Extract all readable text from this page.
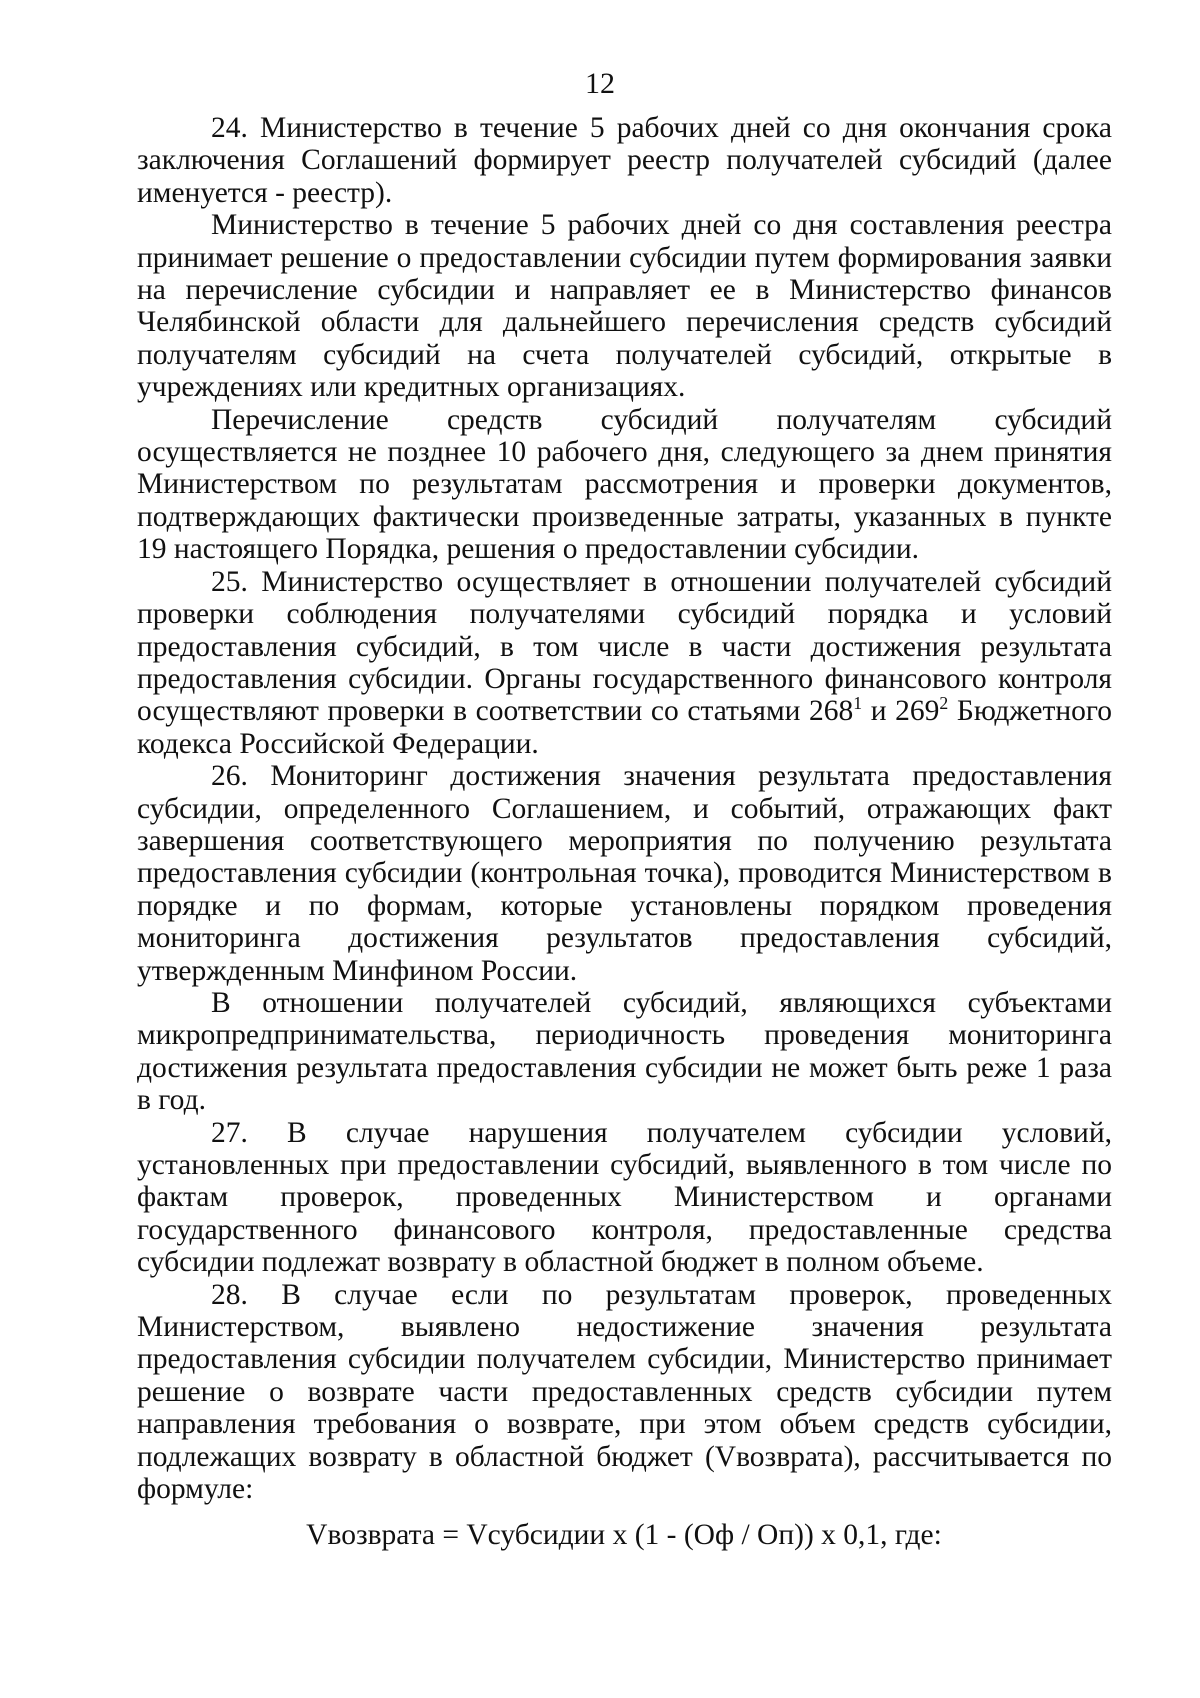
12

24. Министерство в течение 5 рабочих дней со дня окончания срока заключения Соглашений формирует реестр получателей субсидий (далее именуется - реестр).

Министерство в течение 5 рабочих дней со дня составления реестра принимает решение о предоставлении субсидии путем формирования заявки на перечисление субсидии и направляет ее в Министерство финансов Челябинской области для дальнейшего перечисления средств субсидий получателям субсидий на счета получателей субсидий, открытые в учреждениях или кредитных организациях.

Перечисление средств субсидий получателям субсидий осуществляется не позднее 10 рабочего дня, следующего за днем принятия Министерством по результатам рассмотрения и проверки документов, подтверждающих фактически произведенные затраты, указанных в пункте 19 настоящего Порядка, решения о предоставлении субсидии.

25. Министерство осуществляет в отношении получателей субсидий проверки соблюдения получателями субсидий порядка и условий предоставления субсидий, в том числе в части достижения результата предоставления субсидии. Органы государственного финансового контроля осуществляют проверки в соответствии со статьями $268^1$ и $269^2$ Бюджетного кодекса Российской Федерации.

26. Мониторинг достижения значения результата предоставления субсидии, определенного Соглашением, и событий, отражающих факт завершения соответствующего мероприятия по получению результата предоставления субсидии (контрольная точка), проводится Министерством в порядке и по формам, которые установлены порядком проведения мониторинга достижения результатов предоставления субсидий, утвержденным Минфином России.

В отношении получателей субсидий, являющихся субъектами микропредпринимательства, периодичность проведения мониторинга достижения результата предоставления субсидии не может быть реже 1 раза в год.

27. В случае нарушения получателем субсидии условий, установленных при предоставлении субсидий, выявленного в том числе по фактам проверок, проведенных Министерством и органами государственного финансового контроля, предоставленные средства субсидии подлежат возврату в областной бюджет в полном объеме.

28. В случае если по результатам проверок, проведенных Министерством, выявлено недостижение значения результата предоставления субсидии получателем субсидии, Министерство принимает решение о возврате части предоставленных средств субсидии путем направления требования о возврате, при этом объем средств субсидии, подлежащих возврату в областной бюджет (Vвозврата), рассчитывается по формуле:

Vвозврата = Vсубсидии x (1 - (Оф / Оп)) x 0,1, где:
